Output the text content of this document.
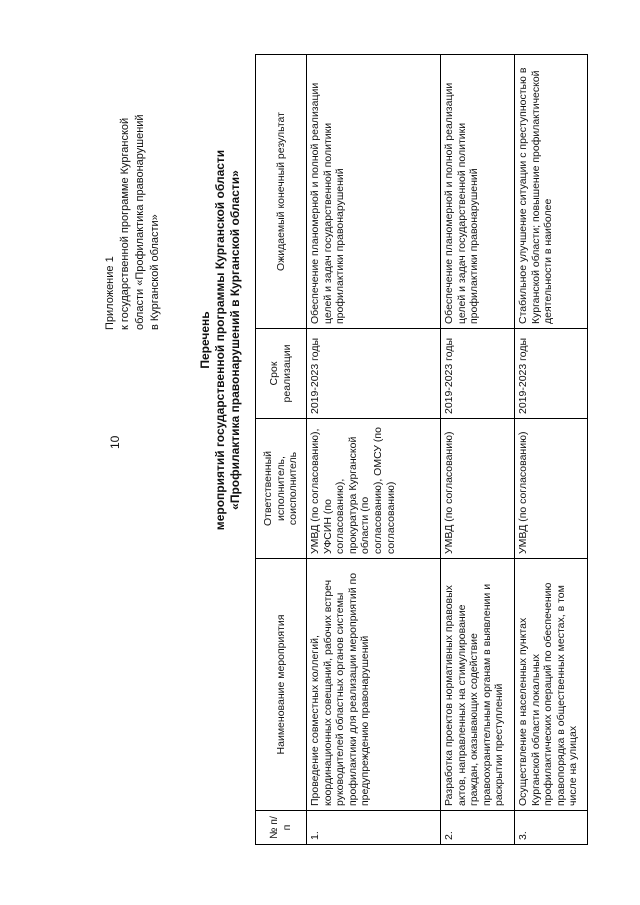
10
Приложение 1 к государственной программе Курганской области «Профилактика правонарушений в Курганской области»
Перечень мероприятий государственной программы Курганской области «Профилактика правонарушений в Курганской области»
№ п/п	Наименование мероприятия	Ответственный исполнитель, соисполнитель	Срок реализации	Ожидаемый конечный результат
1.	Проведение совместных коллегий, координационных совещаний, рабочих встреч руководителей областных органов системы профилактики для реализации мероприятий по предупреждению правонарушений	УМВД (по согласованию), УФСИН (по согласованию), прокуратура Курганской области (по согласованию), ОМСУ (по согласованию)	2019-2023 годы	Обеспечение планомерной и полной реализации целей и задач государственной политики профилактики правонарушений
2.	Разработка проектов нормативных правовых актов, направленных на стимулирование граждан, оказывающих содействие правоохранительным органам в выявлении и раскрытии преступлений	УМВД (по согласованию)	2019-2023 годы	Обеспечение планомерной и полной реализации целей и задач государственной политики профилактики правонарушений
3.	Осуществление в населенных пунктах Курганской области локальных профилактических операций по обеспечению правопорядка в общественных местах, в том числе на улицах	УМВД (по согласованию)	2019-2023 годы	Стабильное улучшение ситуации с преступностью в Курганской области; повышение профилактической деятельности в наиболее
